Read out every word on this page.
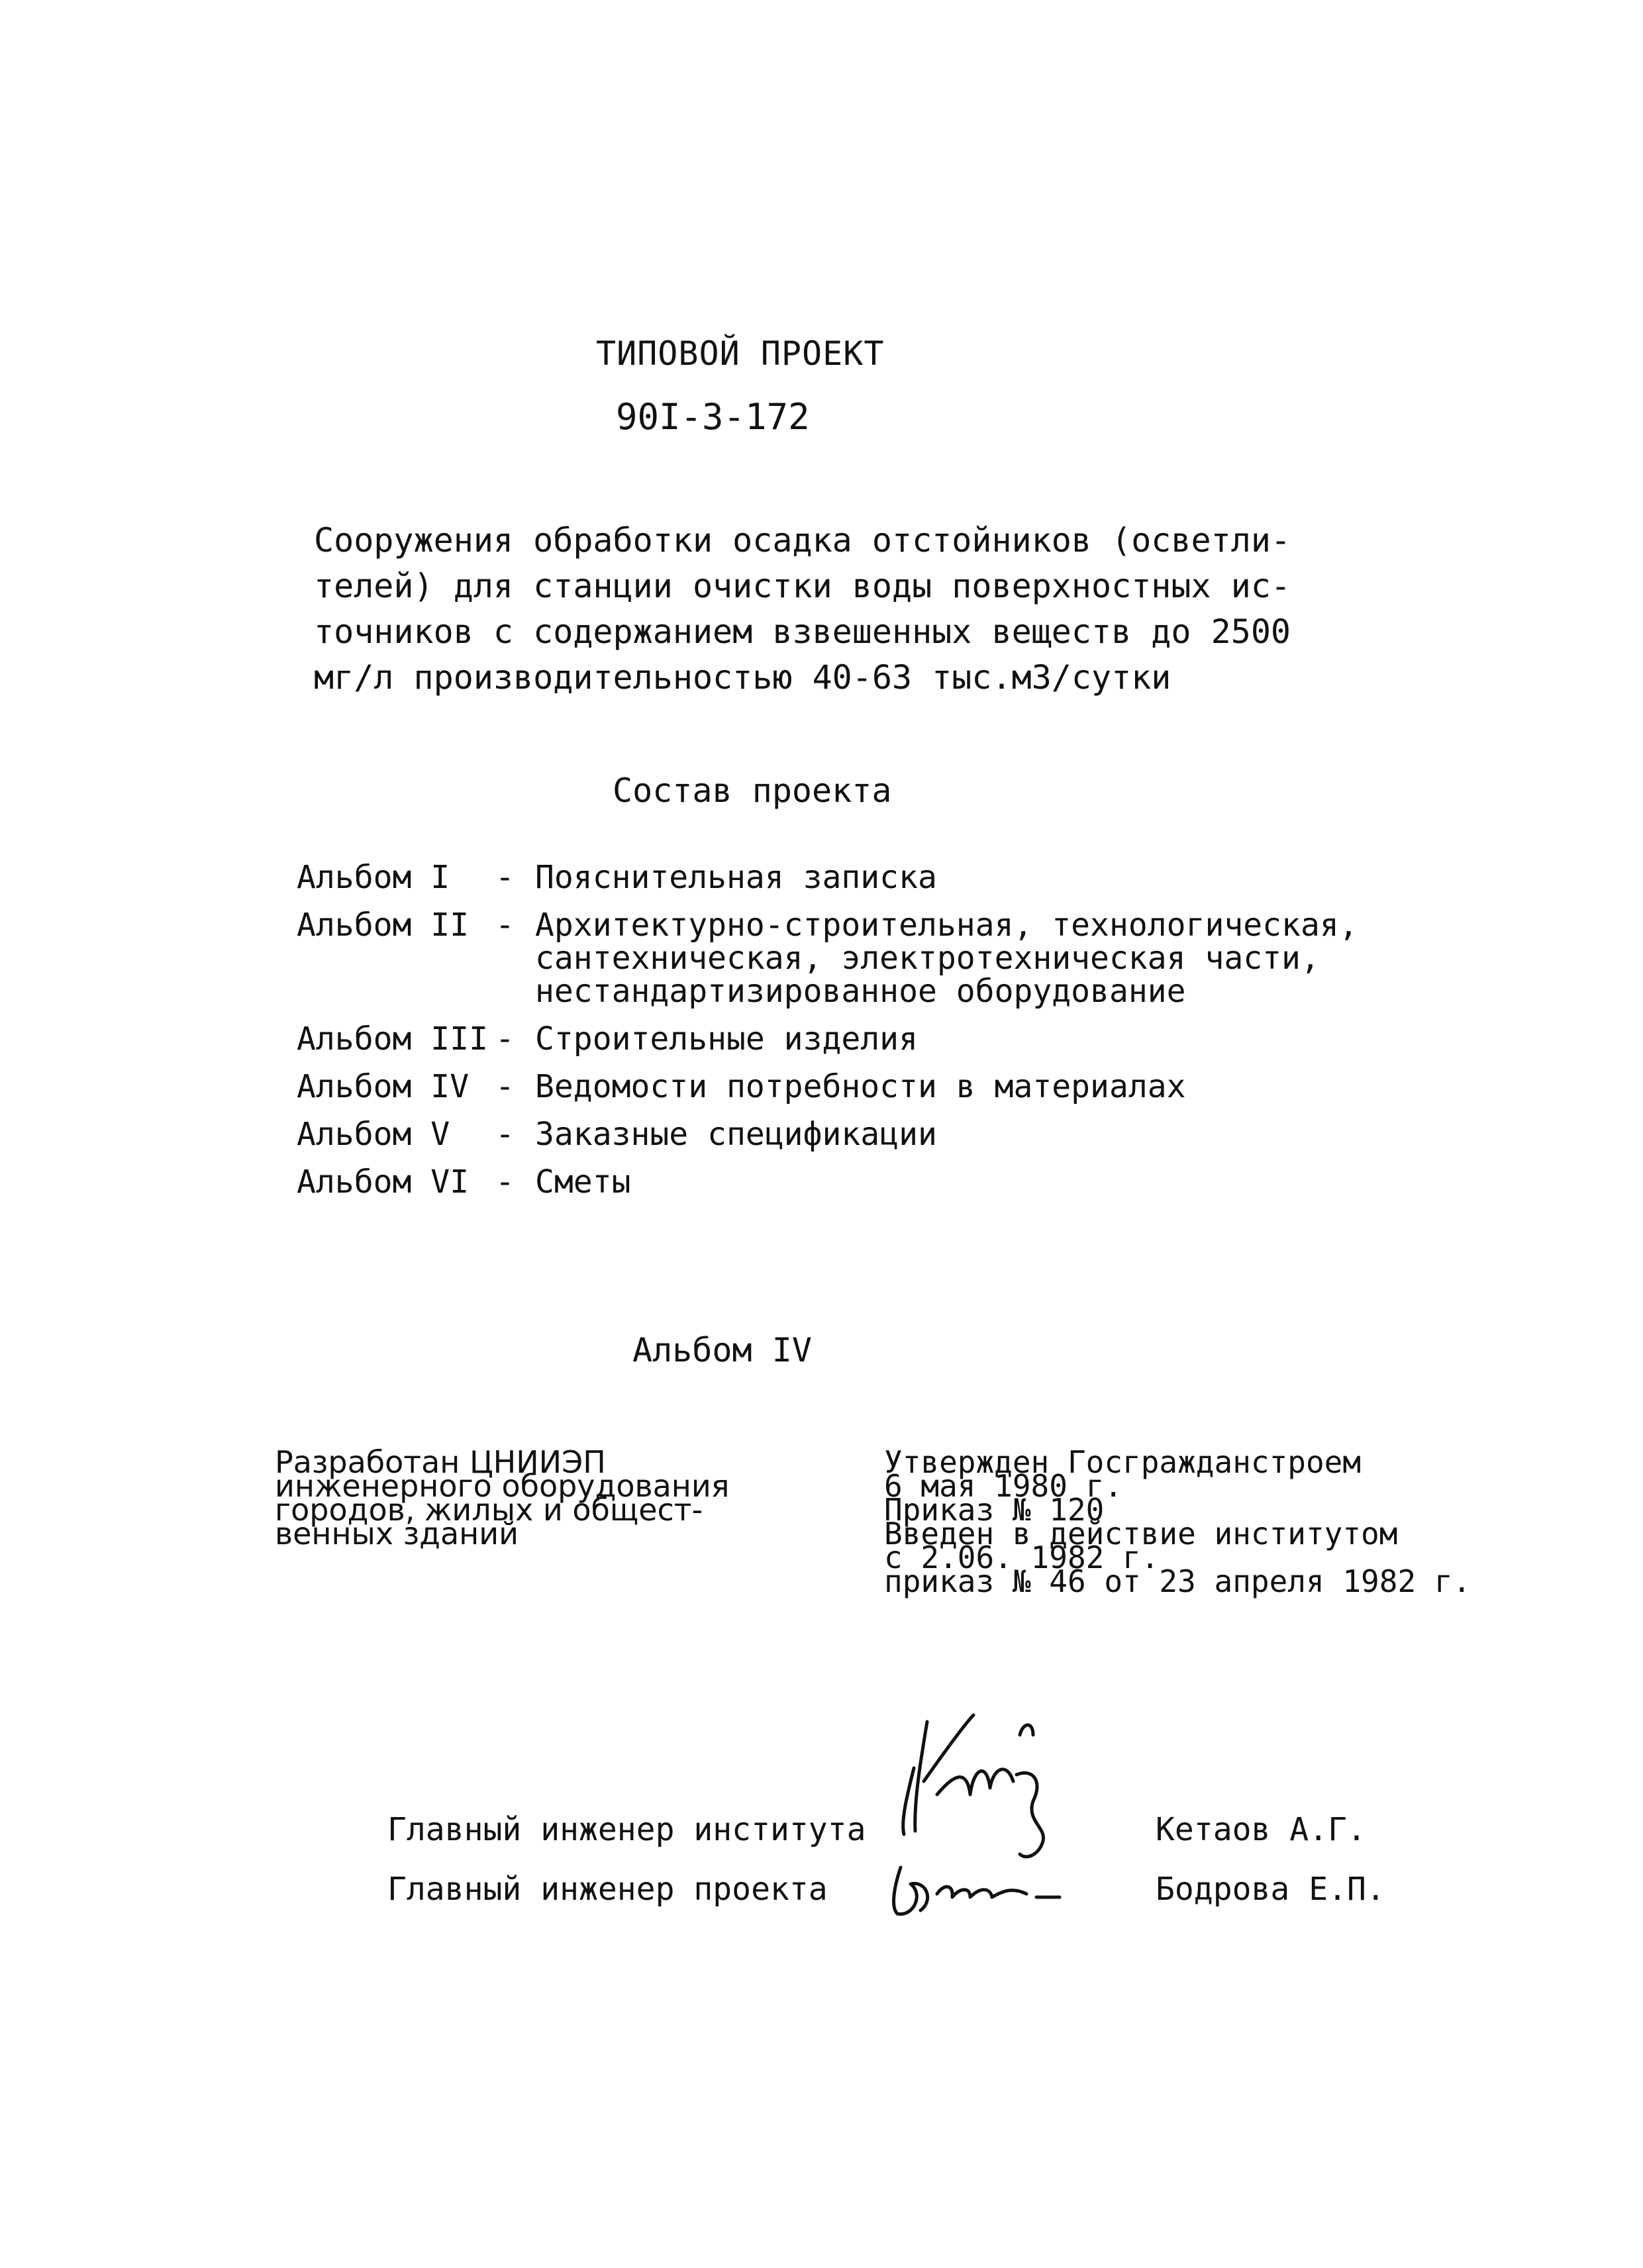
ТИПОВОЙ ПРОЕКТ
90I-3-172
Сооружения обработки осадка отстойников (осветли-
телей) для станции очистки воды поверхностных ис-
точников с содержанием взвешенных веществ до 2500
мг/л производительностью 40-63 тыс.м3/сутки
Состав проекта
Альбом I	- Пояснительная записка
Альбом II - Архитектурно-строительная, технологическая,
сантехническая, электротехническая части,
нестандартизированное оборудование
Альбом III - Строительные изделия
Альбом IV - Ведомости потребности в материалах
Альбом V	- Заказные спецификации
Альбом VI - Сметы
Альбом IV
Разработан ЦНИИЭП
инженерного оборудования
городов, жилых и общест-
венных зданий
Утвержден Госгражданстроем
6 мая 1980 г.
Приказ № 120
Введен в действие институтом
с 2.06. 1982 г.
приказ № 46 от 23 апреля 1982 г.
Главный инженер института	Кетаов А.Г.
Главный инженер проекта	Бодрова Е.П.
